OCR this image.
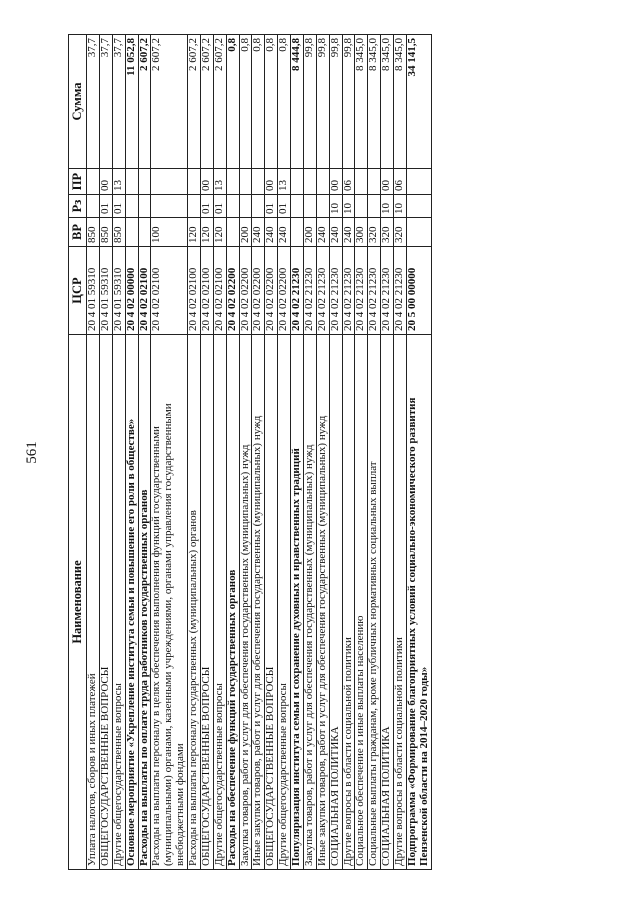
561
Наименование	ЦСР	ВР	Рз	ПР	Сумма
Уплата налогов, сборов и иных платежей	20 4 01 59310	850			37,7
ОБЩЕГОСУДАРСТВЕННЫЕ ВОПРОСЫ	20 4 01 59310	850	01	00	37,7
Другие общегосударственные вопросы	20 4 01 59310	850	01	13	37,7
Основное мероприятие «Укрепление института семьи и повышение его роли в обществе»	20 4 02 00000				11 052,8
Расходы на выплаты по оплате труда работников государственных органов	20 4 02 02100				2 607,2
Расходы на выплаты персоналу в целях обеспечения выполнения функций государственными (муниципальными) органами, казенными учреждениями, органами управления государственными внебюджетными фондами	20 4 02 02100	100			2 607,2
Расходы на выплаты персоналу государственных (муниципальных) органов	20 4 02 02100	120			2 607,2
ОБЩЕГОСУДАРСТВЕННЫЕ ВОПРОСЫ	20 4 02 02100	120	01	00	2 607,2
Другие общегосударственные вопросы	20 4 02 02100	120	01	13	2 607,2
Расходы на обеспечение функций государственных органов	20 4 02 02200				0,8
Закупка товаров, работ и услуг для обеспечения государственных (муниципальных) нужд	20 4 02 02200	200			0,8
Иные закупки товаров, работ и услуг для обеспечения государственных (муниципальных) нужд	20 4 02 02200	240			0,8
ОБЩЕГОСУДАРСТВЕННЫЕ ВОПРОСЫ	20 4 02 02200	240	01	00	0,8
Другие общегосударственные вопросы	20 4 02 02200	240	01	13	0,8
Популяризация института семьи и сохранение духовных и нравственных традиций	20 4 02 21230				8 444,8
Закупка товаров, работ и услуг для обеспечения государственных (муниципальных) нужд	20 4 02 21230	200			99,8
Иные закупки товаров, работ и услуг для обеспечения государственных (муниципальных) нужд	20 4 02 21230	240			99,8
СОЦИАЛЬНАЯ ПОЛИТИКА	20 4 02 21230	240	10	00	99,8
Другие вопросы в области социальной политики	20 4 02 21230	240	10	06	99,8
Социальное обеспечение и иные выплаты населению	20 4 02 21230	300			8 345,0
Социальные выплаты гражданам, кроме публичных нормативных социальных выплат	20 4 02 21230	320			8 345,0
СОЦИАЛЬНАЯ ПОЛИТИКА	20 4 02 21230	320	10	00	8 345,0
Другие вопросы в области социальной политики	20 4 02 21230	320	10	06	8 345,0
Подпрограмма «Формирование благоприятных условий социально-экономического развития Пензенской области на 2014–2020 годы»	20 5 00 00000				34 141,5
